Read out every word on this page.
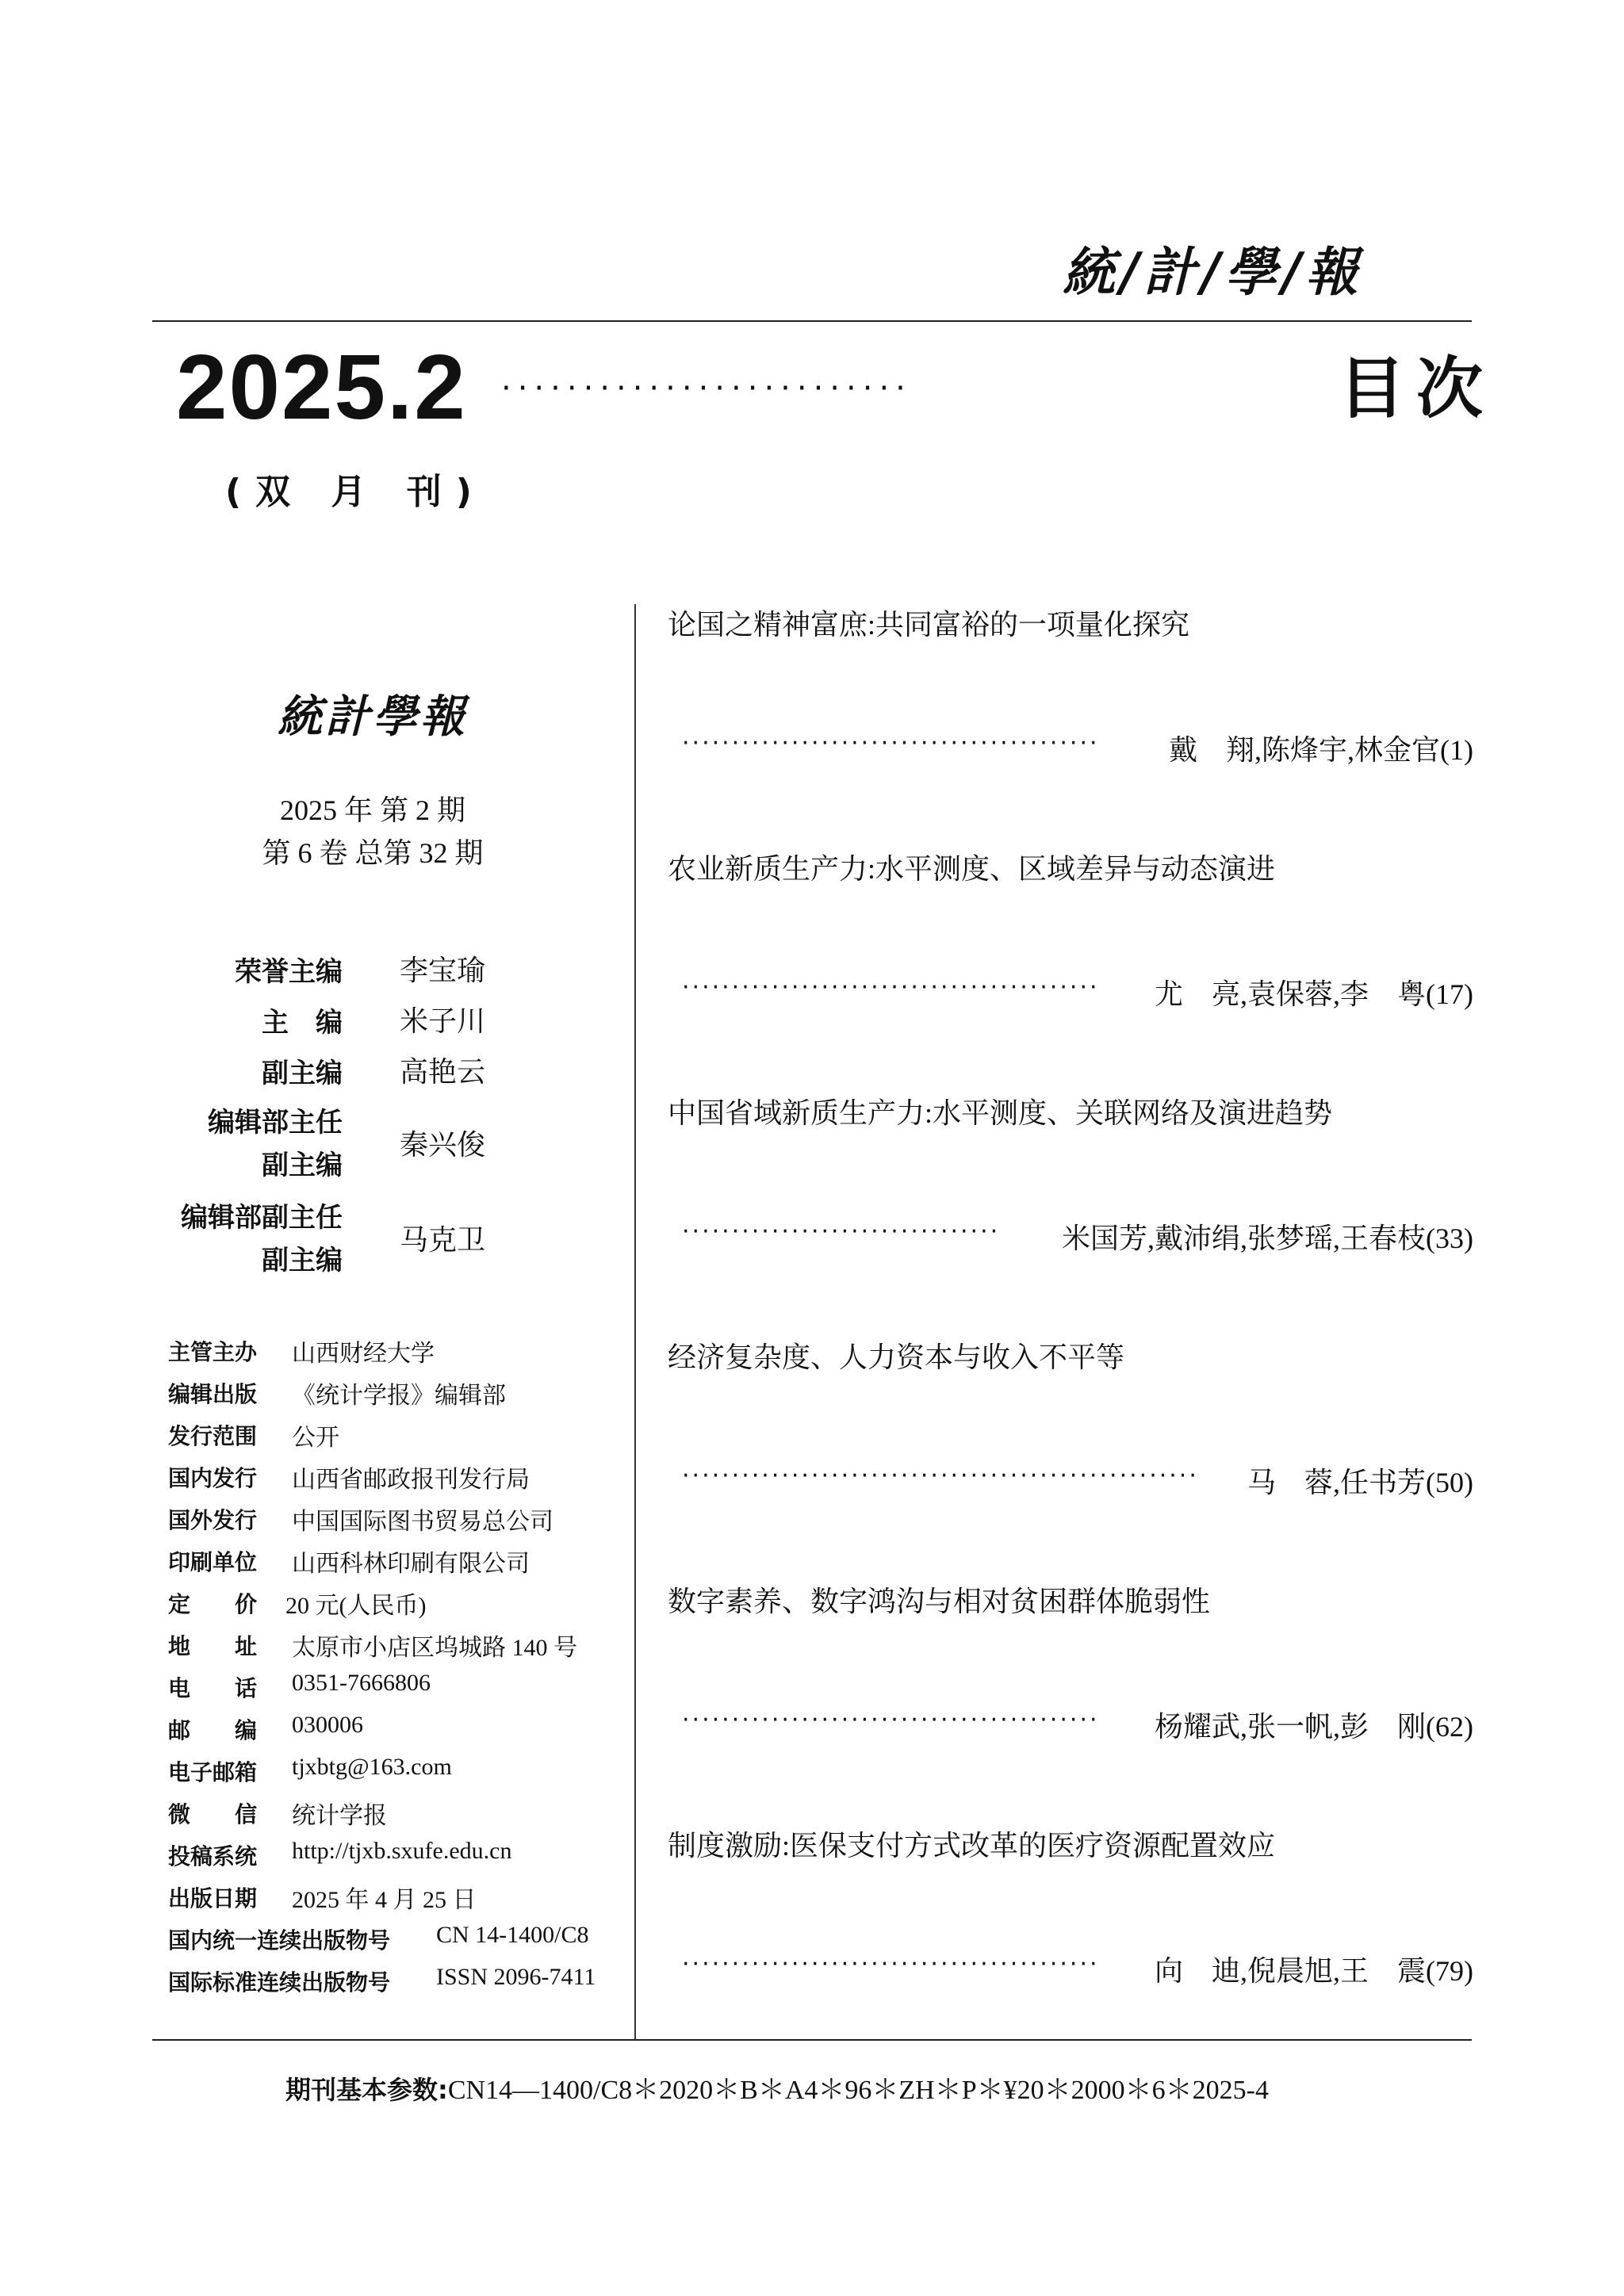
統/計/學/報
2025.2 ·························	目次
(双 月 刊)
統計學報
2025 年 第 2 期
第 6 卷 总第 32 期
荣誉主编 李宝瑜
主　编 米子川
副主编 高艳云
编辑部主任
副主编
秦兴俊
编辑部副主任
副主编
马克卫
主管主办 山西财经大学
编辑出版 《统计学报》编辑部
发行范围 公开
国内发行 山西省邮政报刊发行局
国外发行 中国国际图书贸易总公司
印刷单位 山西科林印刷有限公司
定　　价 20 元(人民币)
地　　址 太原市小店区坞城路 140 号
电　　话 0351-7666806
邮　　编 030006
电子邮箱 tjxbtg@163.com
微　　信 统计学报
投稿系统 http://tjxb.sxufe.edu.cn
出版日期 2025 年 4 月 25 日
国内统一连续出版物号 CN 14-1400/C8
国际标准连续出版物号 ISSN 2096-7411
论国之精神富庶:共同富裕的一项量化探究
·········································· 戴　翔,陈烽宇,林金官(1)
农业新质生产力:水平测度、区域差异与动态演进
·········································· 尤　亮,袁保蓉,李　粤(17)
中国省域新质生产力:水平测度、关联网络及演进趋势
································ 米国芳,戴沛绢,张梦瑶,王春枝(33)
经济复杂度、人力资本与收入不平等
···················································· 马　蓉,任书芳(50)
数字素养、数字鸿沟与相对贫困群体脆弱性
·········································· 杨耀武,张一帆,彭　刚(62)
制度激励:医保支付方式改革的医疗资源配置效应
·········································· 向　迪,倪晨旭,王　震(79)
期刊基本参数:CN14—1400/C8＊2020＊B＊A4＊96＊ZH＊P＊¥20＊2000＊6＊2025-4
